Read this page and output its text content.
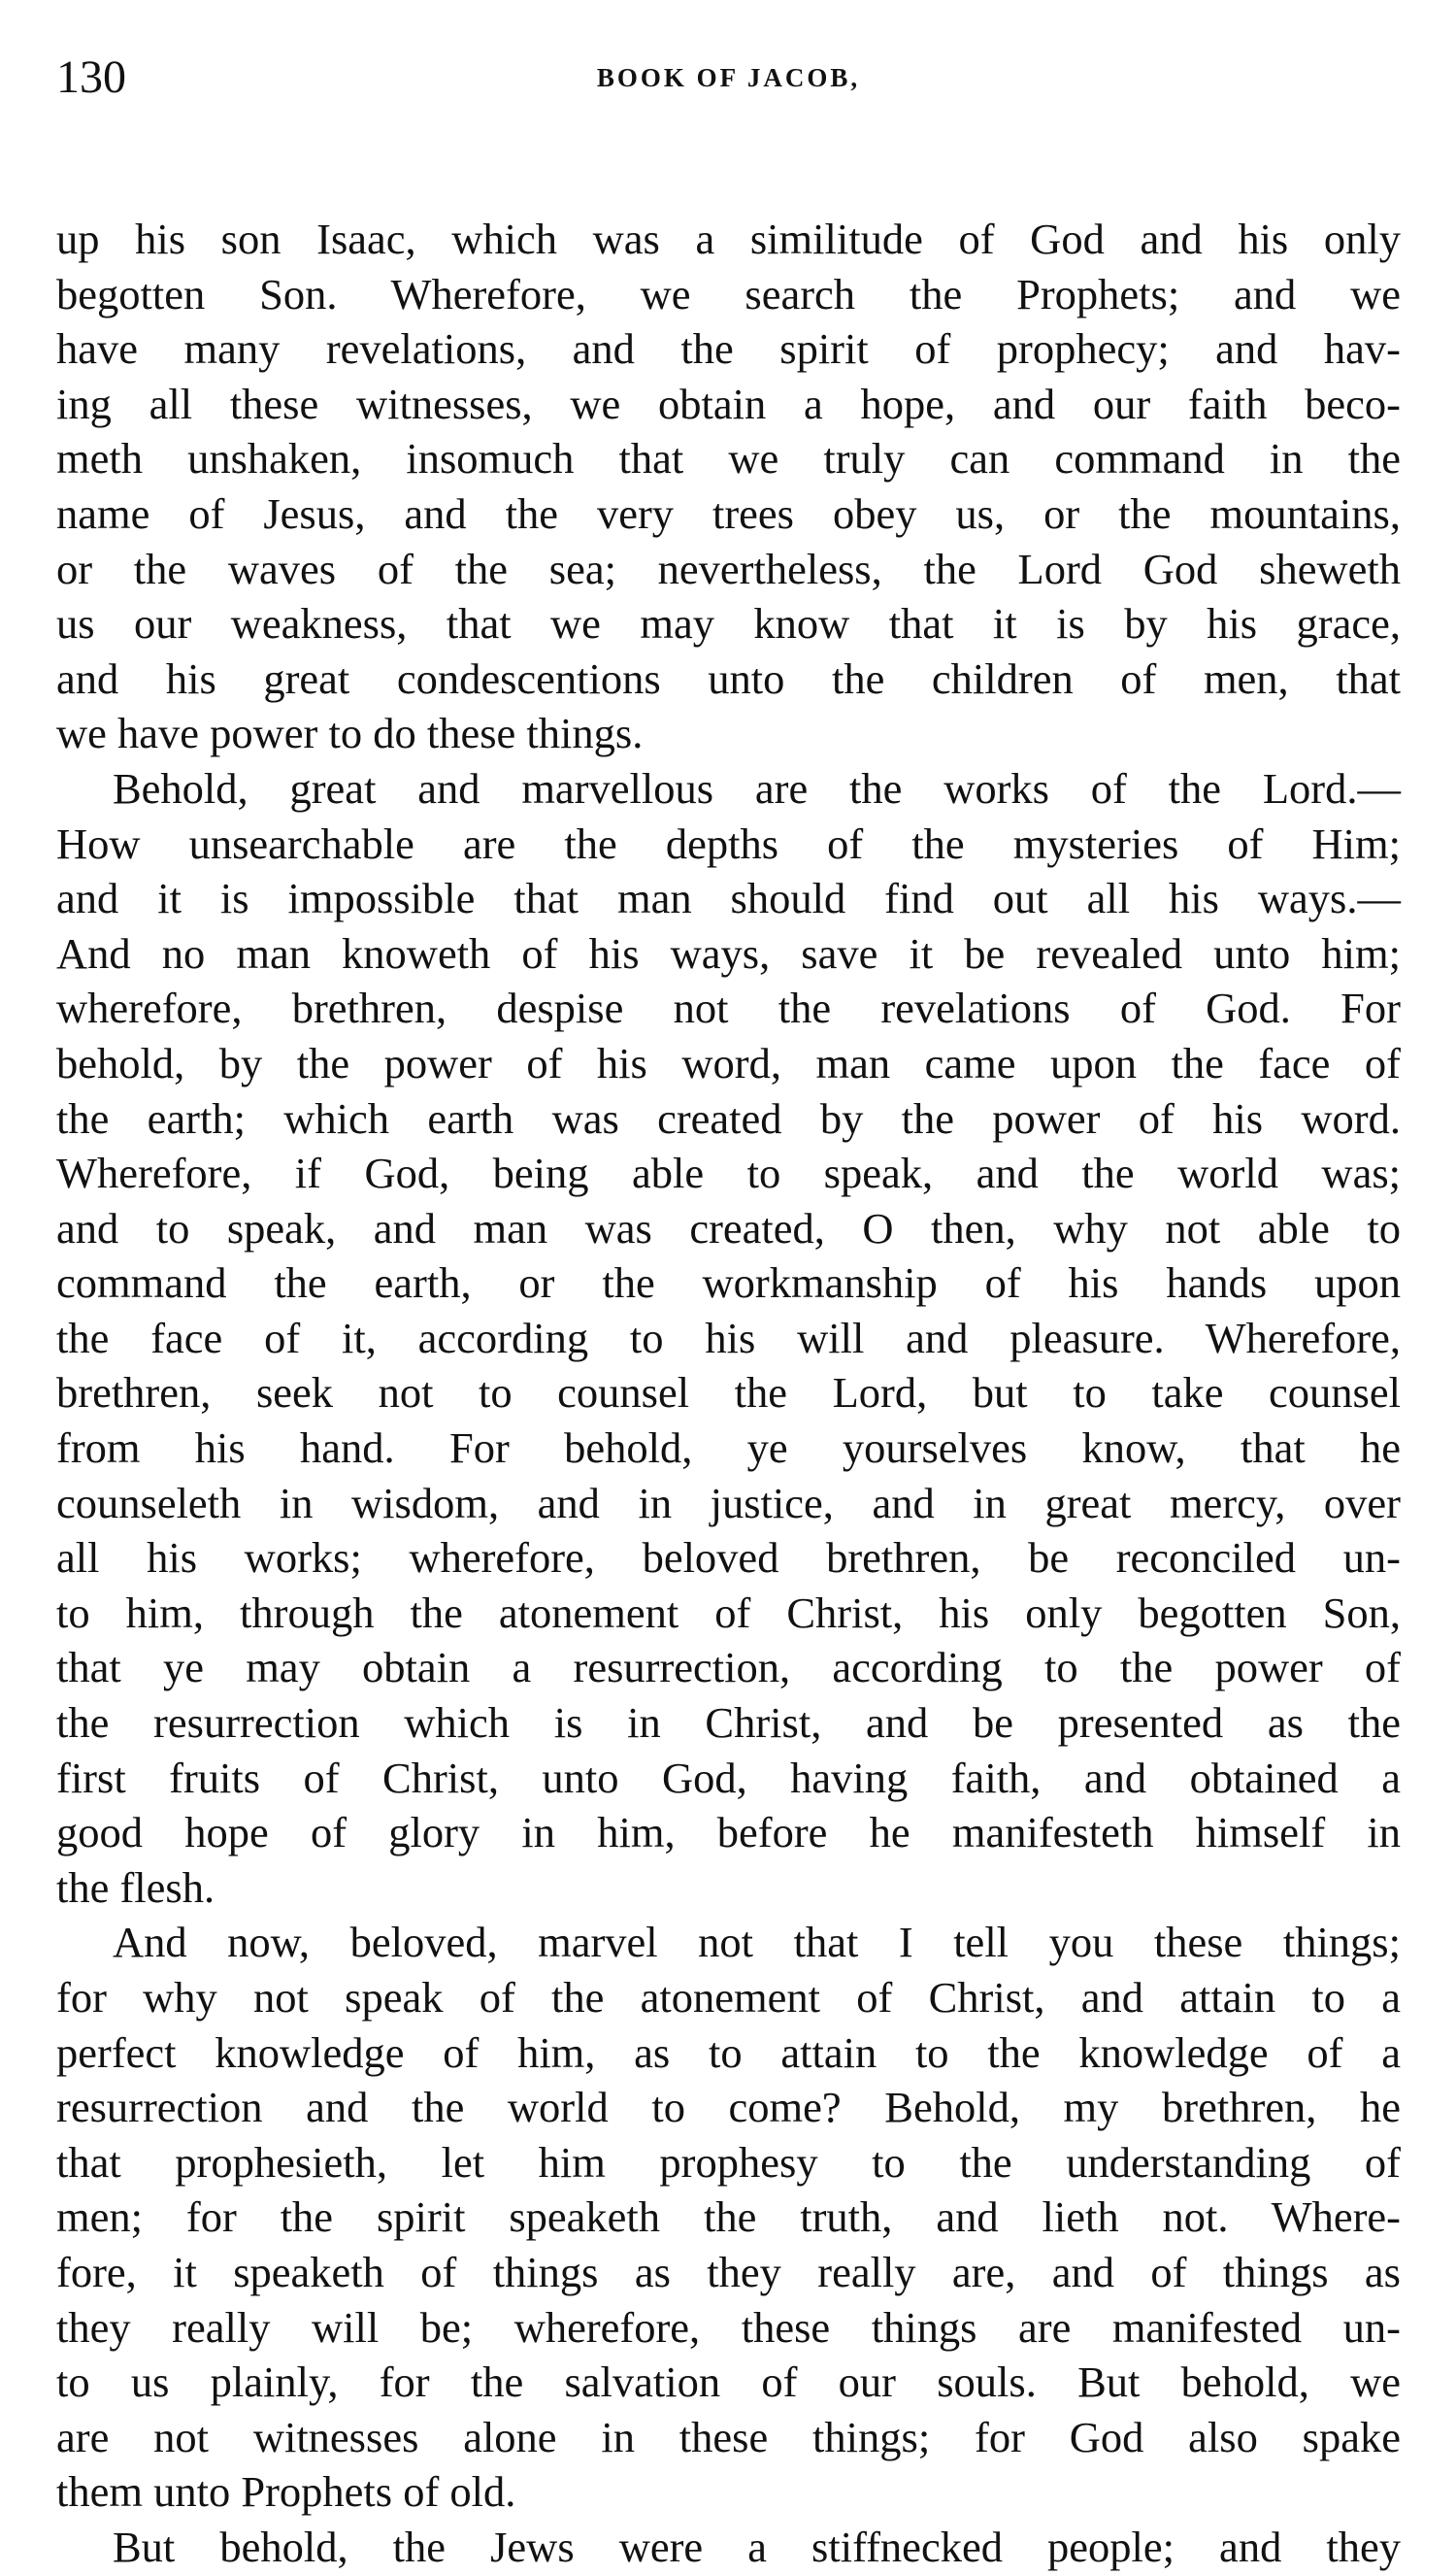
130	BOOK OF JACOB,
up his son Isaac, which was a similitude of God and his only
begotten Son. Wherefore, we search the Prophets; and we
have many revelations, and the spirit of prophecy; and hav-
ing all these witnesses, we obtain a hope, and our faith beco-
meth unshaken, insomuch that we truly can command in the
name of Jesus, and the very trees obey us, or the mountains,
or the waves of the sea; nevertheless, the Lord God sheweth
us our weakness, that we may know that it is by his grace,
and his great condescentions unto the children of men, that
we have power to do these things.
Behold, great and marvellous are the works of the Lord.—
How unsearchable are the depths of the mysteries of Him;
and it is impossible that man should find out all his ways.—
And no man knoweth of his ways, save it be revealed unto him;
wherefore, brethren, despise not the revelations of God. For
behold, by the power of his word, man came upon the face of
the earth; which earth was created by the power of his word.
Wherefore, if God, being able to speak, and the world was;
and to speak, and man was created, O then, why not able to
command the earth, or the workmanship of his hands upon
the face of it, according to his will and pleasure. Wherefore,
brethren, seek not to counsel the Lord, but to take counsel
from his hand. For behold, ye yourselves know, that he
counseleth in wisdom, and in justice, and in great mercy, over
all his works; wherefore, beloved brethren, be reconciled un-
to him, through the atonement of Christ, his only begotten Son,
that ye may obtain a resurrection, according to the power of
the resurrection which is in Christ, and be presented as the
first fruits of Christ, unto God, having faith, and obtained a
good hope of glory in him, before he manifesteth himself in
the flesh.
And now, beloved, marvel not that I tell you these things;
for why not speak of the atonement of Christ, and attain to a
perfect knowledge of him, as to attain to the knowledge of a
resurrection and the world to come? Behold, my brethren, he
that prophesieth, let him prophesy to the understanding of
men; for the spirit speaketh the truth, and lieth not. Where-
fore, it speaketh of things as they really are, and of things as
they really will be; wherefore, these things are manifested un-
to us plainly, for the salvation of our souls. But behold, we
are not witnesses alone in these things; for God also spake
them unto Prophets of old.
But behold, the Jews were a stiffnecked people; and they
